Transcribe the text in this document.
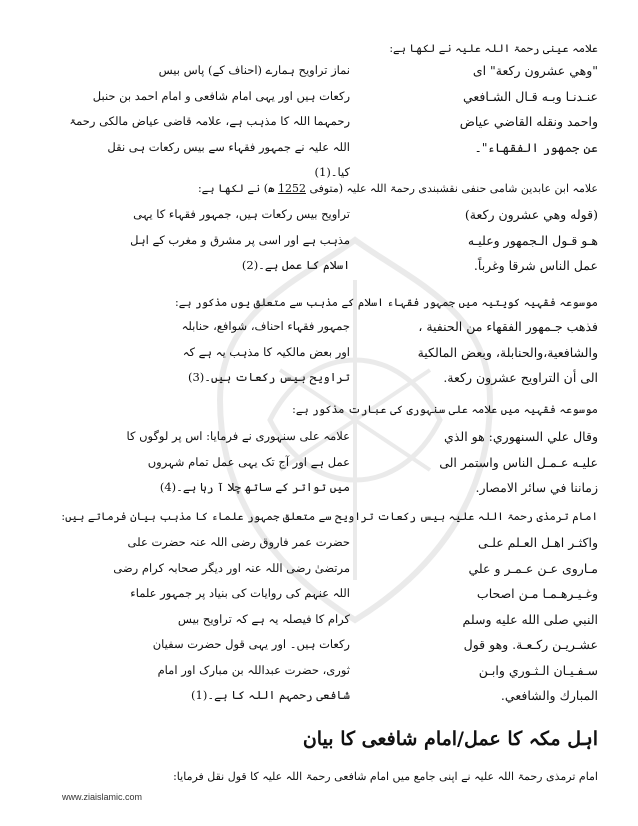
علامہ عینی رحمۃ اللہ علیہ نے لکھا ہے:
"وهي عشرون ركعة" اى
عنـدنـا وبـه قـال الشـافعي
واحمد ونقله القاضي عياض
عن جمهور الفقهاء"۔
نماز تراویح ہمارے (احناف کے) پاس بیس
رکعات ہیں اور یہی امام شافعی و امام احمد بن حنبل
رحمہما اللہ کا مذہب ہے، علامہ قاضی عیاض مالکی رحمۃ
اللہ علیہ نے جمہور فقہاء سے بیس رکعات ہی نقل
کیا۔(1)
علامہ ابن عابدین شامی حنفی نقشبندی رحمۃ اللہ علیہ (متوفی 1252 ھ) نے لکھا ہے:
(قوله وهي عشرون ركعة)
هـو قـول الـجمهور وعليـه
عمل الناس شرقا وغرباً.
تراویح بیس رکعات ہیں، جمہور فقہاء کا یہی
مذہب ہے اور اسی پر مشرق و مغرب کے اہل
اسلام کا عمل ہے۔(2)
موسوعہ فقہیہ کویتیہ میں جمہور فقہاء اسلام کے مذہب سے متعلق یوں مذکور ہے:
فذهب جـمهور الفقهاء من الحنفية ،
والشافعية،والحنابلة، وبعض المالكية
الى أن التراويح عشرون ركعة.
جمہور فقہاء احناف، شوافع، حنابلہ
اور بعض مالکیہ کا مذہب یہ ہے کہ
تراویح بیس رکعات ہیں۔(3)
موسوعہ فقہیہ میں علامہ علی سنہوری کی عبارت مذکور ہے:
وقال علي السنهوري: هو الذي
عليـه عـمـل الناس واستمر الى
زماننا في سائر الامصار.
علامہ علی سنہوری نے فرمایا: اس پر لوگوں کا
عمل ہے اور آج تک یہی عمل تمام شہروں
میں تواتر کے ساتھ چلا آ رہا ہے۔(4)
امام ترمذی رحمۃ اللہ علیہ بیس رکعات تراویح سے متعلق جمہور علماء کا مذہب بیان فرماتے ہیں:
واكثـر اهـل العـلم علـى
مـاروى عـن عـمـر و علي
وغـيـرهـمـا مـن اصحاب
النبي صلى الله عليه وسلم
عشـريـن ركـعـة. وهو قول
سـفـيـان الـثـوري وابـن
المبارك والشافعي.
حضرت عمر فاروق رضی اللہ عنہ حضرت علی
مرتضیٰ رضی اللہ عنہ اور دیگر صحابہ کرام رضی
اللہ عنہم کی روایات کی بنیاد پر جمہور علماء
کرام کا فیصلہ یہ ہے کہ تراویح بیس
رکعات ہیں۔ اور یہی قول حضرت سفیان
ثوری، حضرت عبداللہ بن مبارک اور امام
شافعی رحمہم اللہ کا ہے۔(1)
اہل مکہ کا عمل/امام شافعی کا بیان
امام ترمذی رحمۃ اللہ علیہ نے اپنی جامع میں امام شافعی رحمۃ اللہ علیہ کا قول نقل فرمایا:
www.ziaislamic.com
